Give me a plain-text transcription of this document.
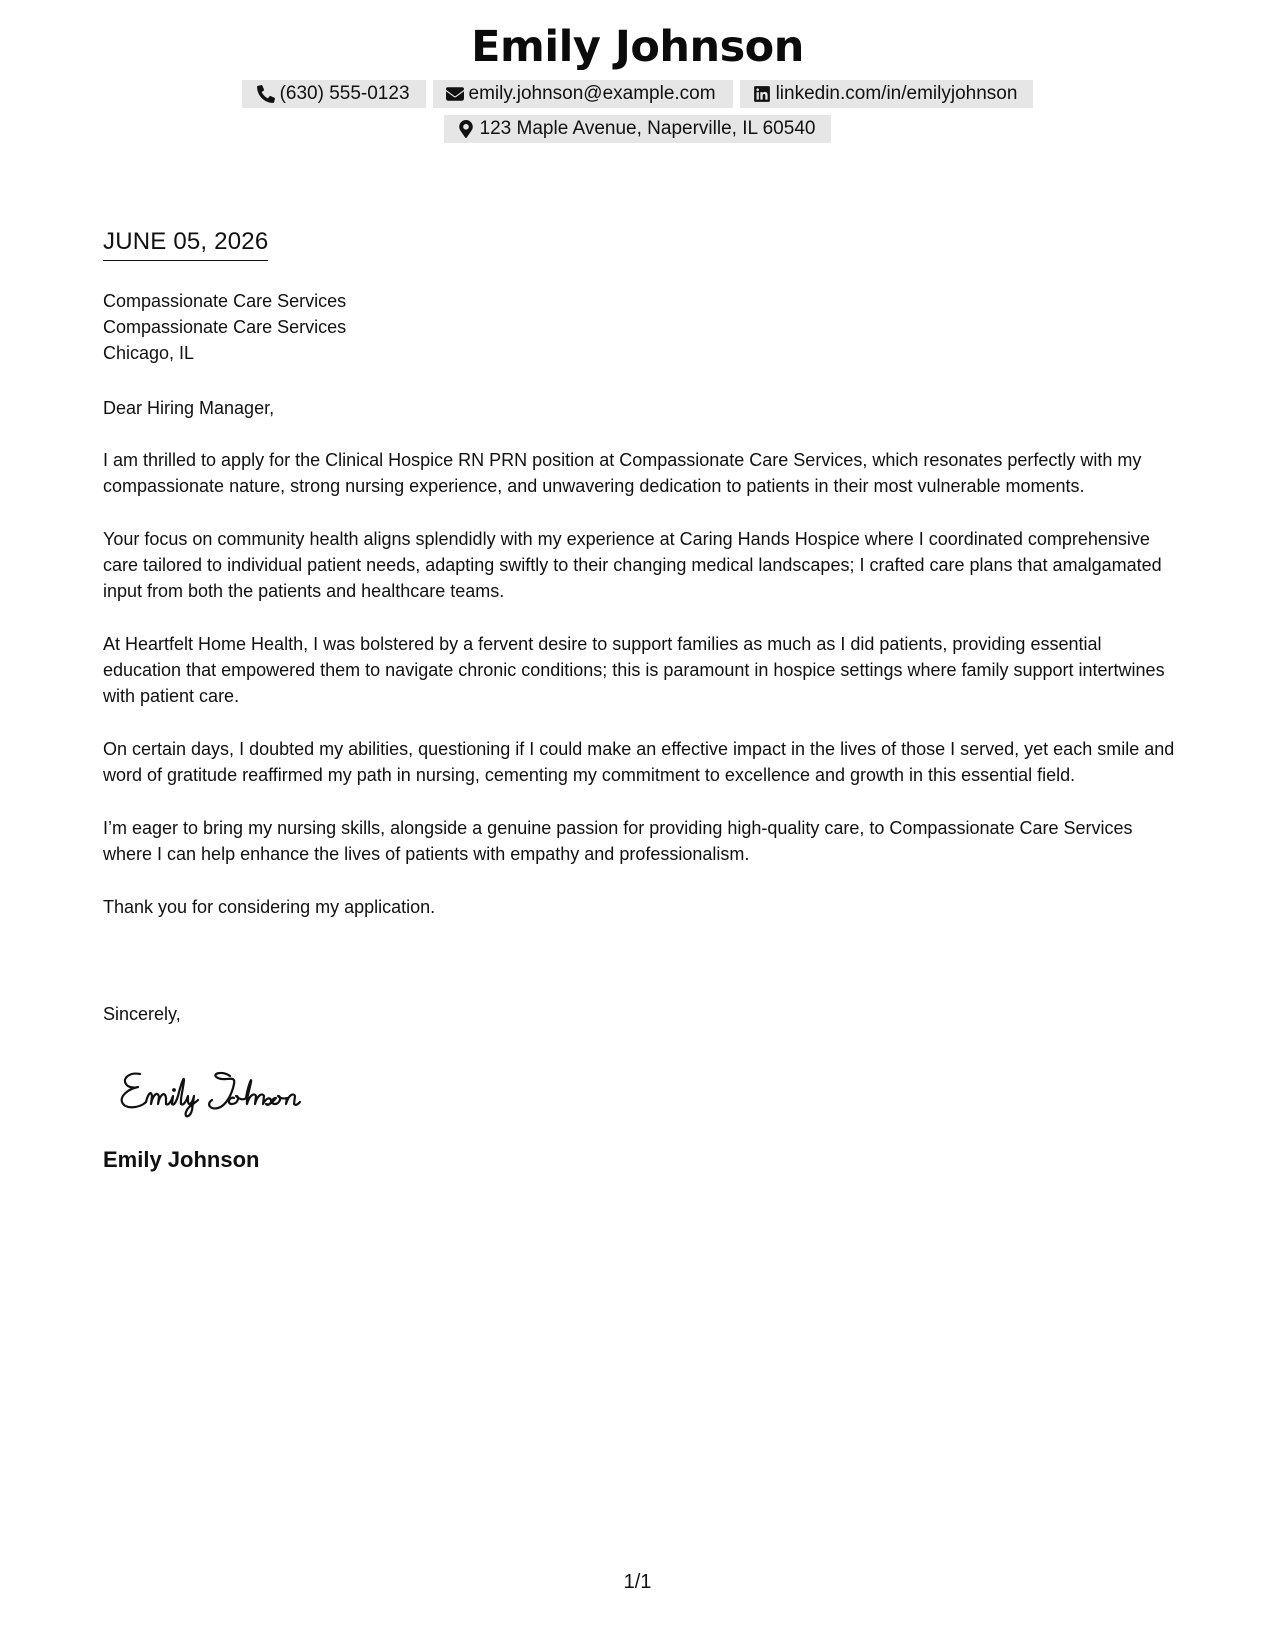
Emily Johnson
(630) 555-0123	emily.johnson@example.com	linkedin.com/in/emilyjohnson
123 Maple Avenue, Naperville, IL 60540
JUNE 05, 2026
Compassionate Care Services
Compassionate Care Services
Chicago, IL

Dear Hiring Manager,

I am thrilled to apply for the Clinical Hospice RN PRN position at Compassionate Care Services, which resonates perfectly with my compassionate nature, strong nursing experience, and unwavering dedication to patients in their most vulnerable moments.

Your focus on community health aligns splendidly with my experience at Caring Hands Hospice where I coordinated comprehensive care tailored to individual patient needs, adapting swiftly to their changing medical landscapes; I crafted care plans that amalgamated input from both the patients and healthcare teams.

At Heartfelt Home Health, I was bolstered by a fervent desire to support families as much as I did patients, providing essential education that empowered them to navigate chronic conditions; this is paramount in hospice settings where family support intertwines with patient care.

On certain days, I doubted my abilities, questioning if I could make an effective impact in the lives of those I served, yet each smile and word of gratitude reaffirmed my path in nursing, cementing my commitment to excellence and growth in this essential field.

I’m eager to bring my nursing skills, alongside a genuine passion for providing high-quality care, to Compassionate Care Services where I can help enhance the lives of patients with empathy and professionalism.

Thank you for considering my application.

Sincerely,
Emily Johnson
1/1
